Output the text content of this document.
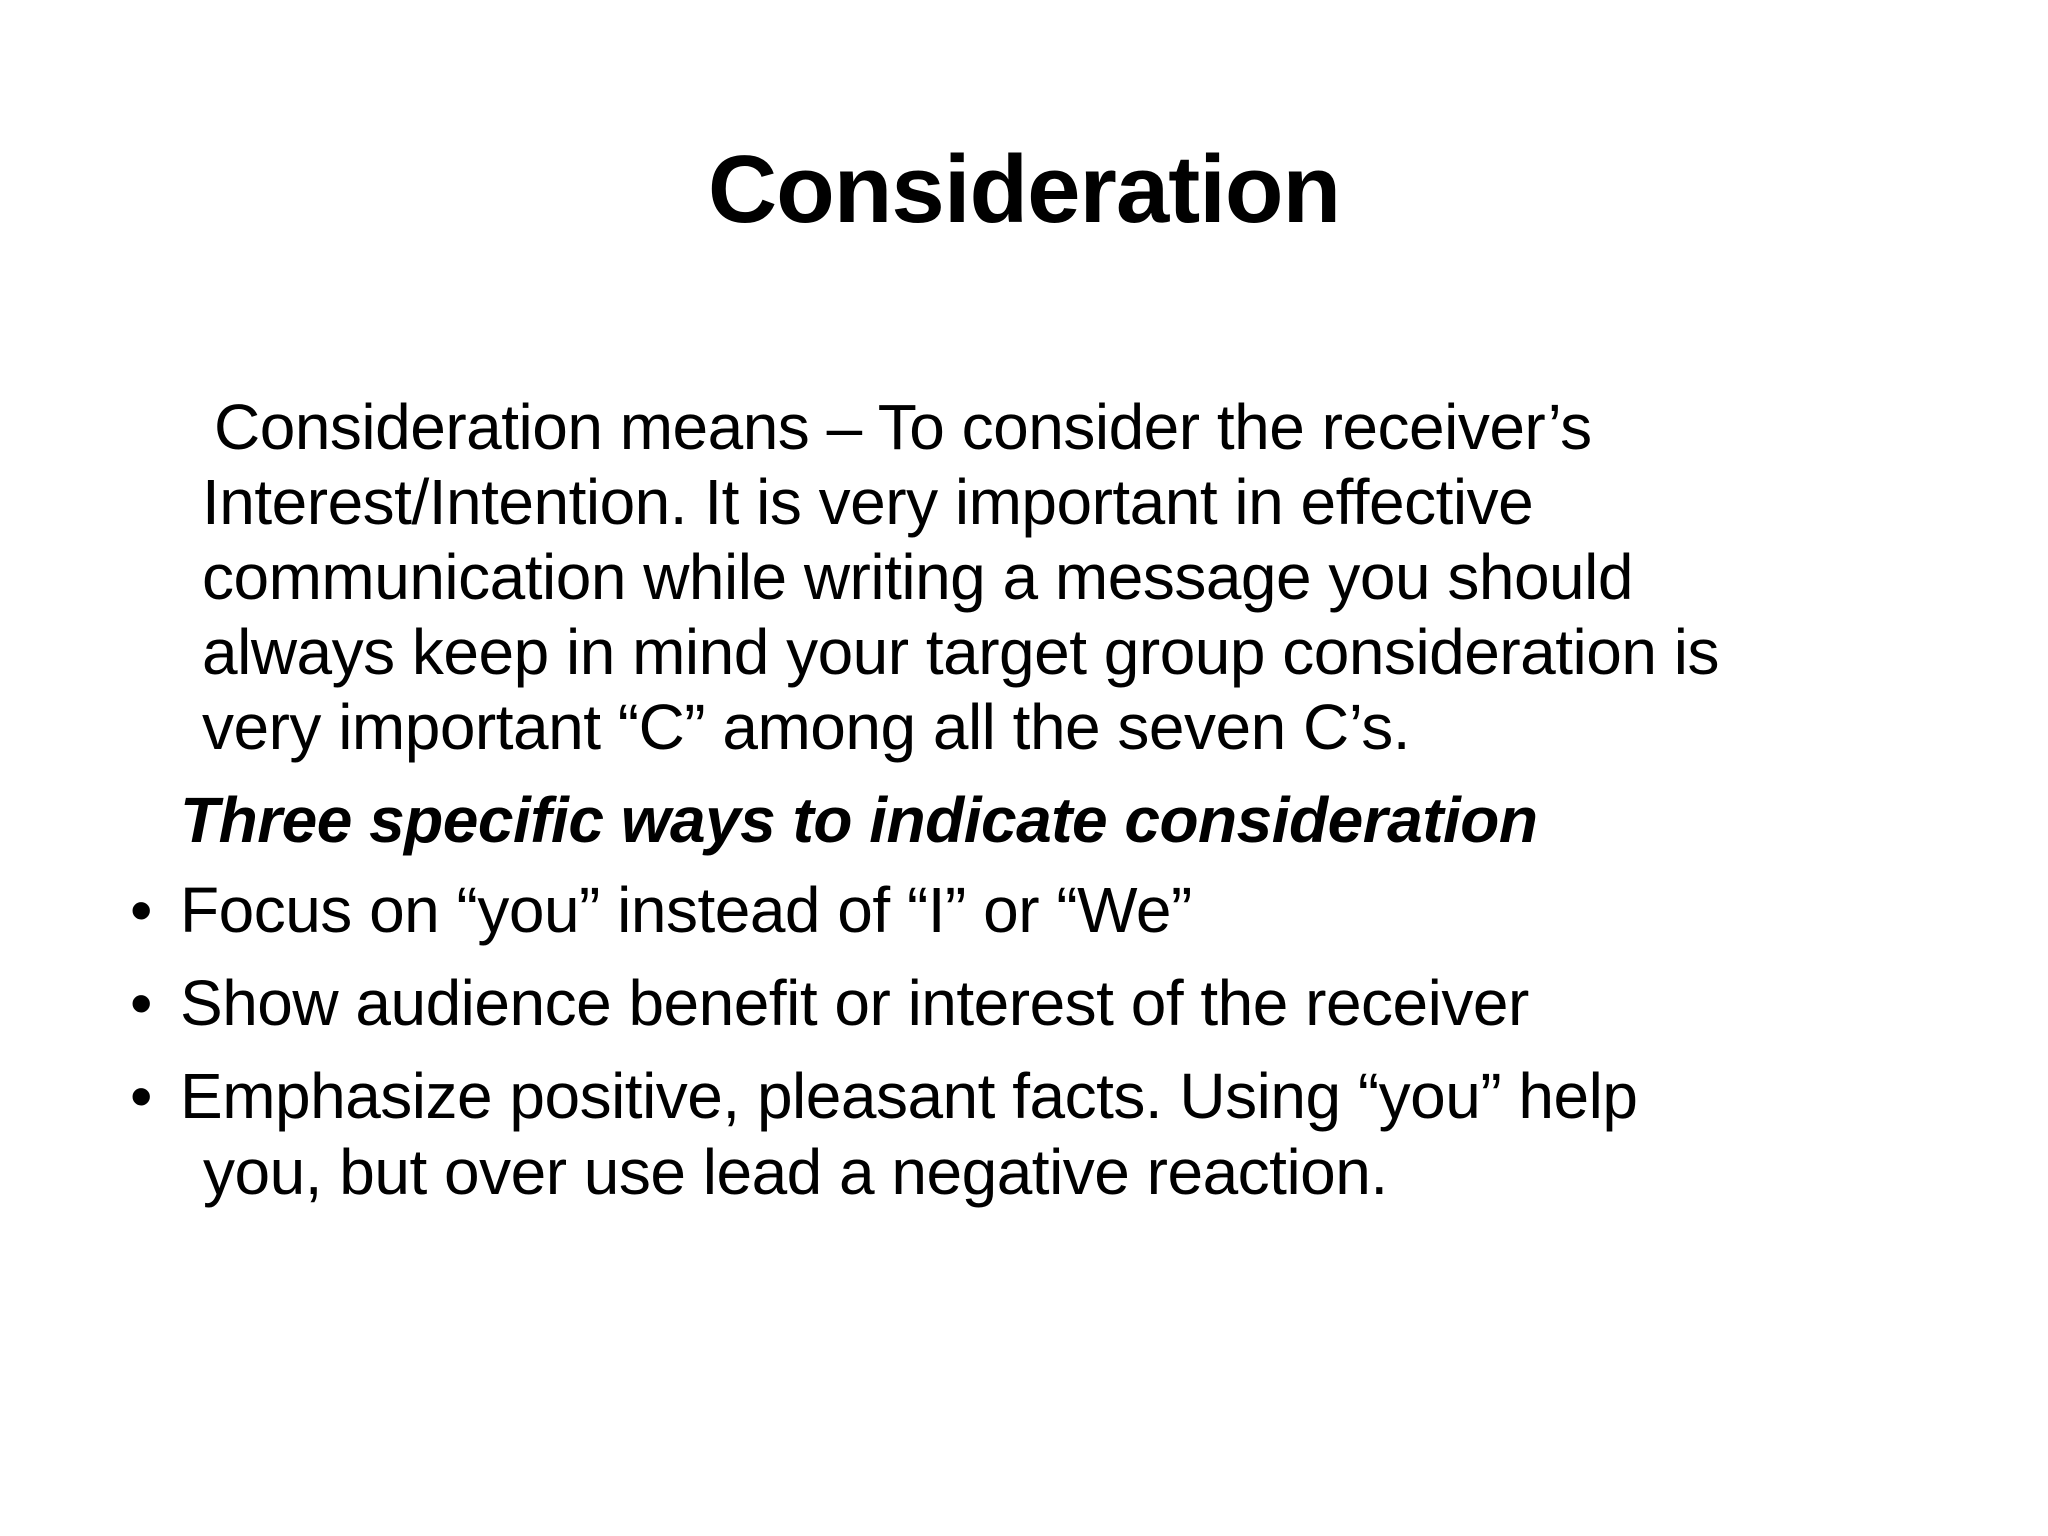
Consideration
Consideration means – To consider the receiver’s
Interest/Intention. It is very important in effective
communication while writing a message you should
always keep in mind your target group consideration is
very important “C” among all the seven C’s.
Three specific ways to indicate consideration
• Focus on “you” instead of “I” or “We”
• Show audience benefit or interest of the receiver
• Emphasize positive, pleasant facts. Using “you” help
you, but over use lead a negative reaction.
